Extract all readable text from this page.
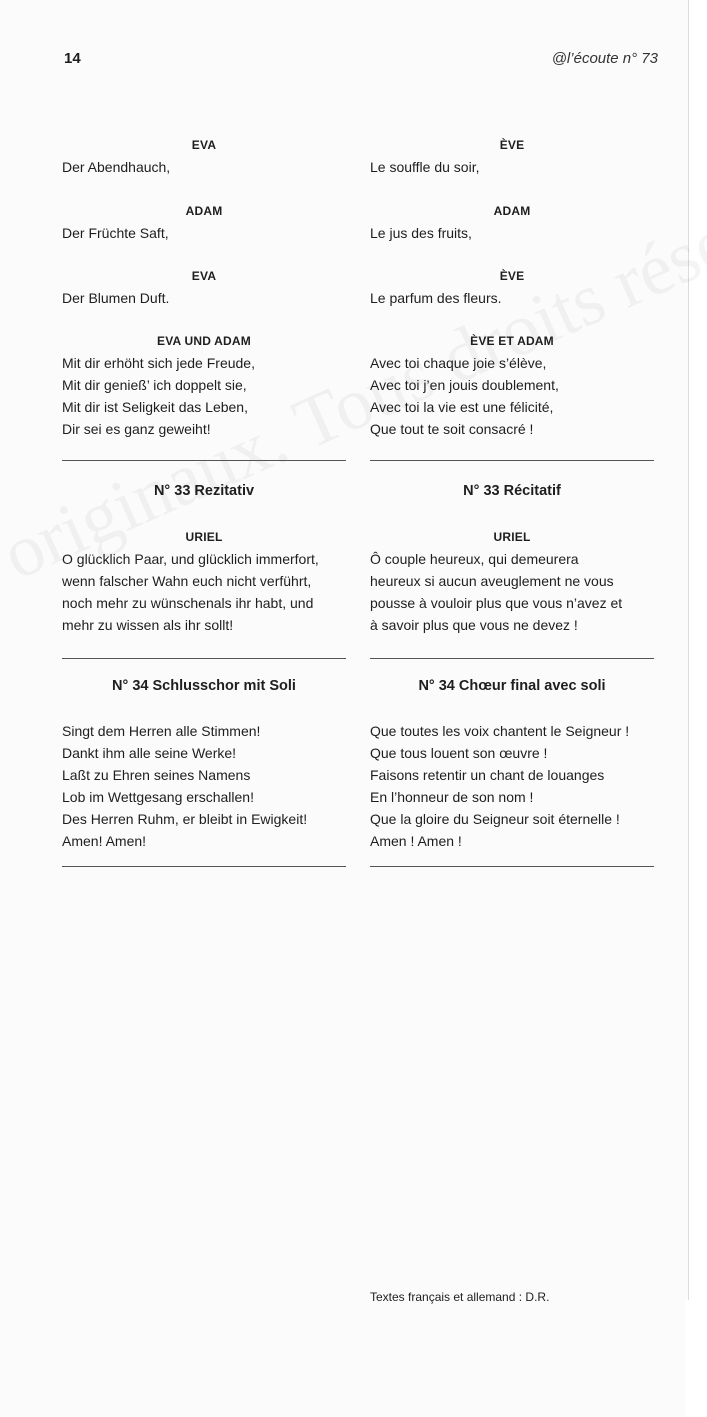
14	@l’écoute n° 73
EVA
Der Abendhauch,
ADAM
Der Früchte Saft,
EVA
Der Blumen Duft.
EVA UND ADAM
Mit dir erhöht sich jede Freude,
Mit dir genieß’ ich doppelt sie,
Mit dir ist Seligkeit das Leben,
Dir sei es ganz geweiht!
N° 33 Rezitativ
URIEL
O glücklich Paar, und glücklich immerfort,
wenn falscher Wahn euch nicht verführt,
noch mehr zu wünschenals ihr habt, und
mehr zu wissen als ihr sollt!
N° 34 Schlusschor mit Soli
Singt dem Herren alle Stimmen!
Dankt ihm alle seine Werke!
Laßt zu Ehren seines Namens
Lob im Wettgesang erschallen!
Des Herren Ruhm, er bleibt in Ewigkeit!
Amen! Amen!
ÈVE
Le souffle du soir,
ADAM
Le jus des fruits,
ÈVE
Le parfum des fleurs.
ÈVE ET ADAM
Avec toi chaque joie s’élève,
Avec toi j’en jouis doublement,
Avec toi la vie est une félicité,
Que tout te soit consacré !
N° 33 Récitatif
URIEL
Ô couple heureux, qui demeurera
heureux si aucun aveuglement ne vous
pousse à vouloir plus que vous n’avez et
à savoir plus que vous ne devez !
N° 34 Chœur final avec soli
Que toutes les voix chantent le Seigneur !
Que tous louent son œuvre !
Faisons retentir un chant de louanges
En l’honneur de son nom !
Que la gloire du Seigneur soit éternelle !
Amen ! Amen !
Textes français et allemand : D.R.
